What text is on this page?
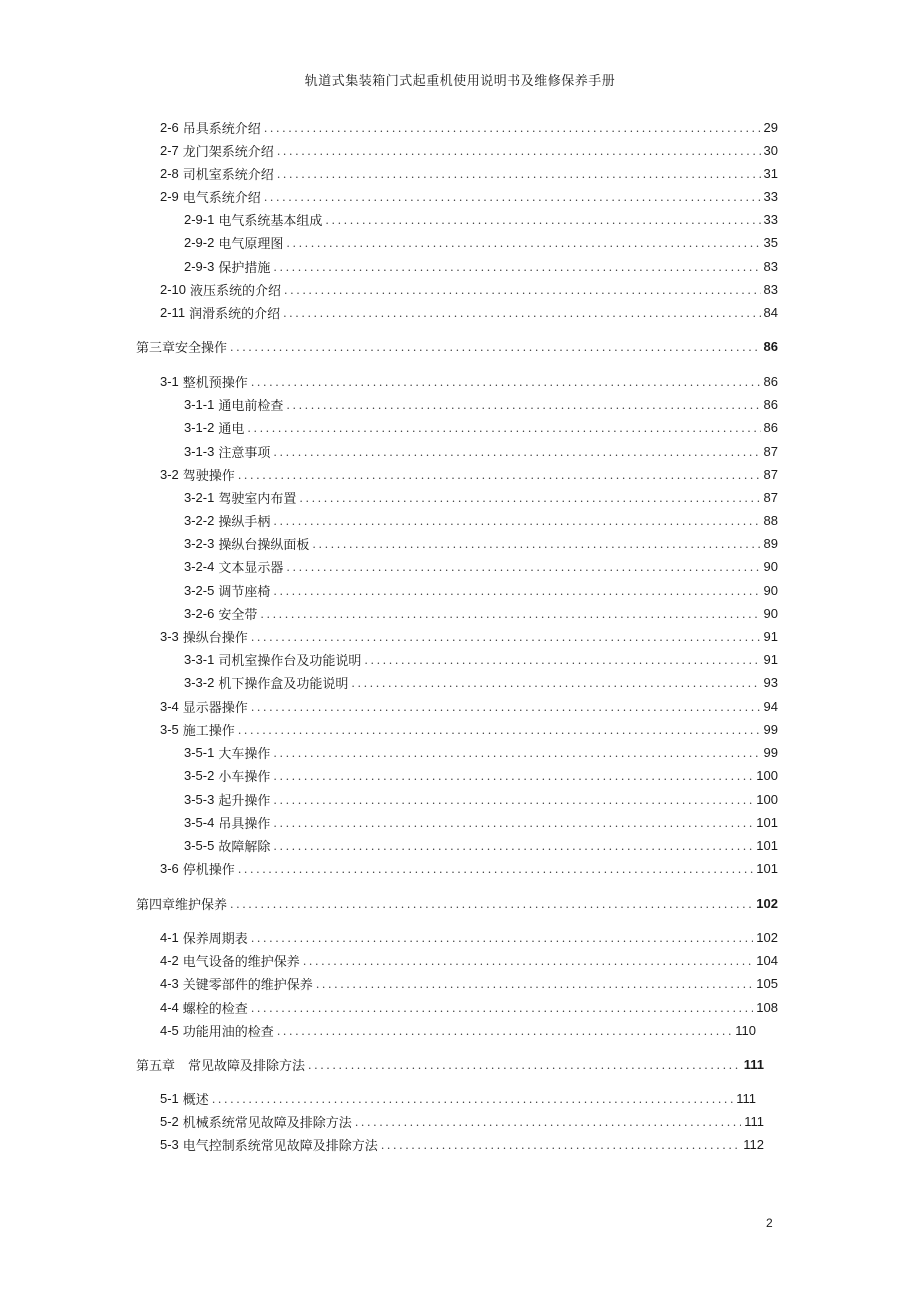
轨道式集装箱门式起重机使用说明书及维修保养手册
2-6 吊具系统介绍 .....	29
2-7 龙门架系统介绍 .....	30
2-8 司机室系统介绍 .....	31
2-9 电气系统介绍 .....	33
2-9-1 电气系统基本组成 .....	33
2-9-2 电气原理图 .....	35
2-9-3 保护措施 .....	83
2-10 液压系统的介绍 .....	83
2-11 润滑系统的介绍 .....	84
第三章安全操作 .....	86
3-1 整机预操作 .....	86
3-1-1 通电前检查 .....	86
3-1-2 通电 .....	86
3-1-3 注意事项 .....	87
3-2 驾驶操作 .....	87
3-2-1 驾驶室内布置 .....	87
3-2-2 操纵手柄 .....	88
3-2-3 操纵台操纵面板 .....	89
3-2-4 文本显示器 .....	90
3-2-5 调节座椅 .....	90
3-2-6 安全带 .....	90
3-3 操纵台操作 .....	91
3-3-1 司机室操作台及功能说明 .....	91
3-3-2 机下操作盒及功能说明 .....	93
3-4 显示器操作 .....	94
3-5 施工操作 .....	99
3-5-1 大车操作 .....	99
3-5-2 小车操作 .....	100
3-5-3 起升操作 .....	100
3-5-4 吊具操作 .....	101
3-5-5 故障解除 .....	101
3-6 停机操作 .....	101
第四章维护保养 .....	102
4-1 保养周期表 .....	102
4-2 电气设备的维护保养 .....	104
4-3 关键零部件的维护保养 .....	105
4-4 螺栓的检查 .....	108
4-5 功能用油的检查 .....	110
第五章　常见故障及排除方法 .....	111
5-1 概述 .....	111
5-2 机械系统常见故障及排除方法 .....	111
5-3 电气控制系统常见故障及排除方法 .....	112
2
